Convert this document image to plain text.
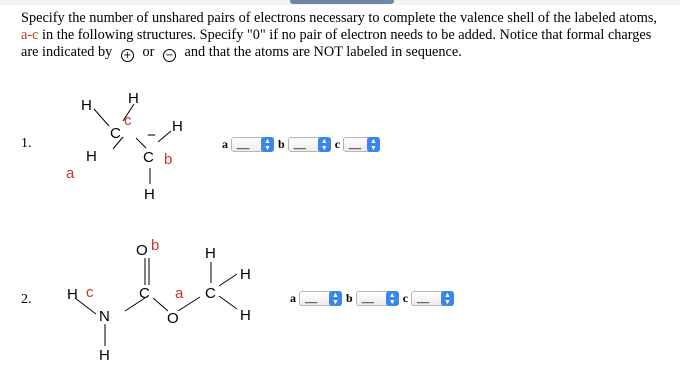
Specify the number of unshared pairs of electrons necessary to complete the valence shell of the labeled atoms, a-c in the following structures. Specify "0" if no pair of electron needs to be added. Notice that formal charges are indicated by + or − and that the atoms are NOT labeled in sequence.
1.
H H
c
C	H
−
H
a
C b
H
a __	▲
▼ b __	▲
▼ c __	▲
▼
2.
O b	H
H c
N
C a
O
C
H
H
H
a __	▲
▼ b __	▲
▼ c __	▲
▼
